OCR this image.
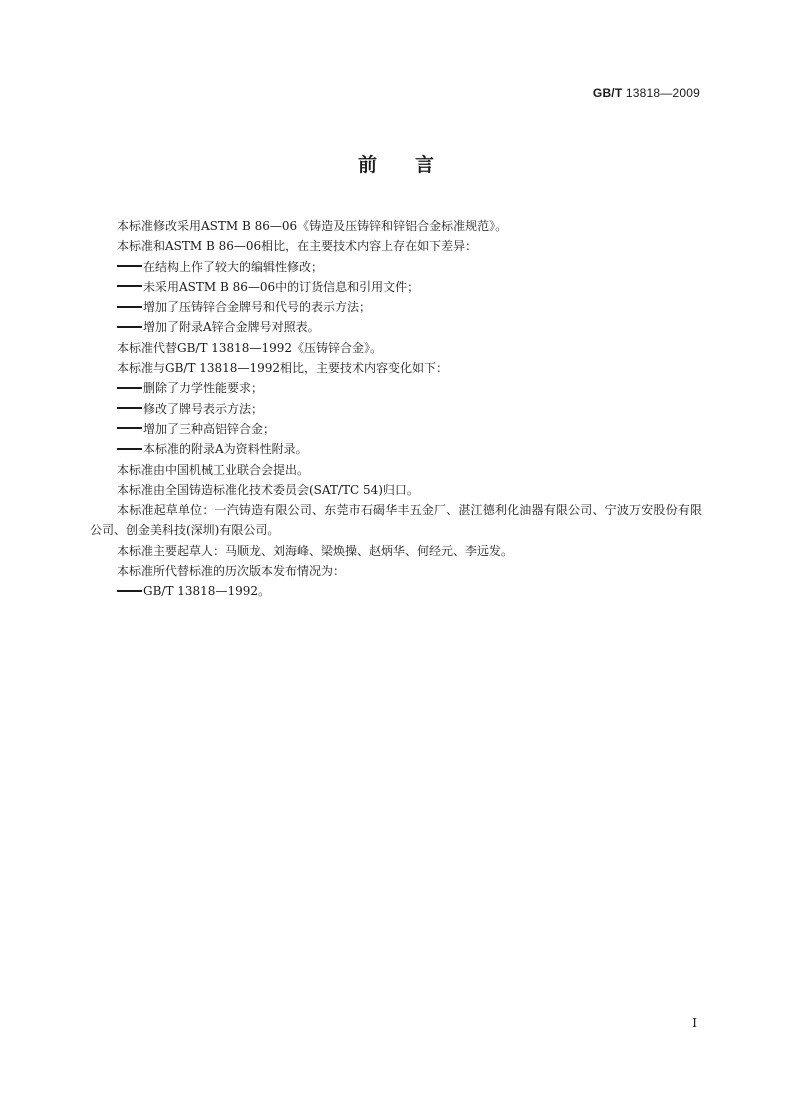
GB/T 13818—2009
前言
本标准修改采用ASTM B 86—06《铸造及压铸锌和锌铝合金标准规范》。
本标准和ASTM B 86—06相比，在主要技术内容上存在如下差异：
在结构上作了较大的编辑性修改；
未采用ASTM B 86—06中的订货信息和引用文件；
增加了压铸锌合金牌号和代号的表示方法；
增加了附录A锌合金牌号对照表。
本标准代替GB/T 13818—1992《压铸锌合金》。
本标准与GB/T 13818—1992相比，主要技术内容变化如下：
删除了力学性能要求；
修改了牌号表示方法；
增加了三种高铝锌合金；
本标准的附录A为资料性附录。
本标准由中国机械工业联合会提出。
本标准由全国铸造标准化技术委员会(SAT/TC 54)归口。
本标准起草单位：一汽铸造有限公司、东莞市石碣华丰五金厂、湛江德利化油器有限公司、宁波万安股份有限公司、创金美科技(深圳)有限公司。
本标准主要起草人：马顺龙、刘海峰、梁焕操、赵炳华、何经元、李远发。
本标准所代替标准的历次版本发布情况为：
GB/T 13818—1992。
I
